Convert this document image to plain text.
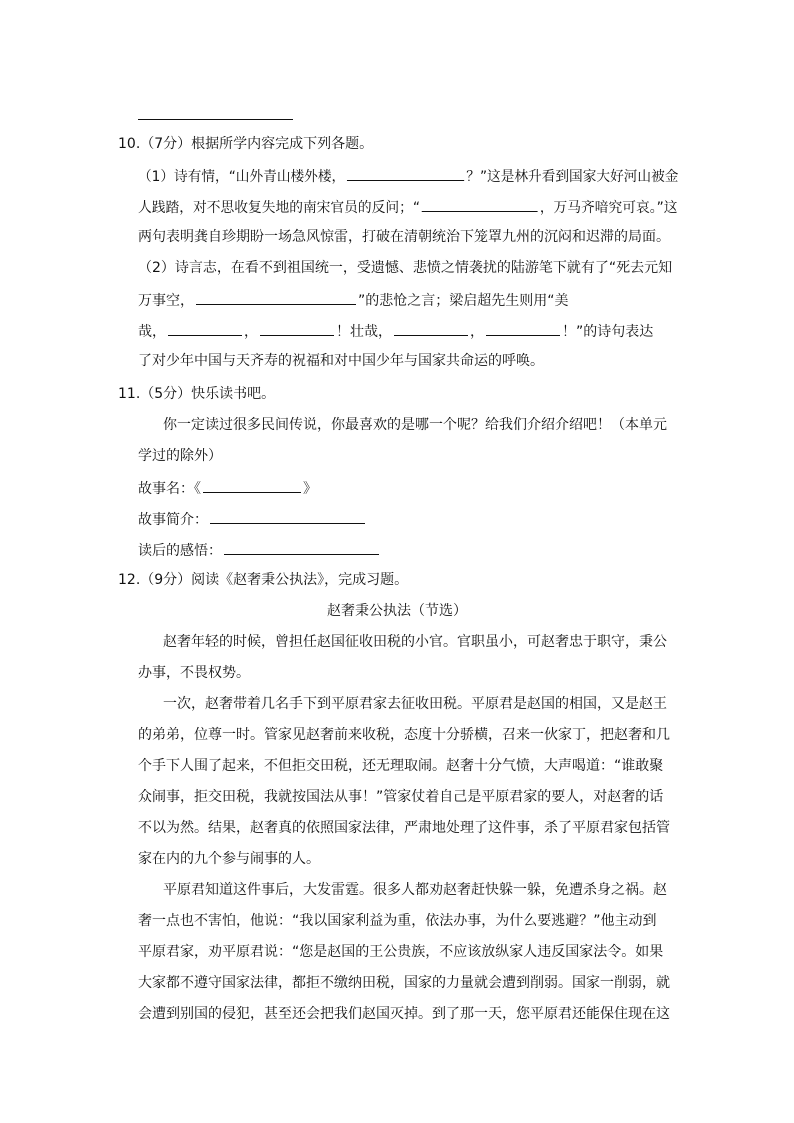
10.（7分）根据所学内容完成下列各题。
（1）诗有情，“山外青山楼外楼，	？”这是林升看到国家大好河山被金
人践踏，对不思收复失地的南宋官员的反问；“	，万马齐喑究可哀。”这
两句表明龚自珍期盼一场急风惊雷，打破在清朝统治下笼罩九州的沉闷和迟滞的局面。
（2）诗言志，在看不到祖国统一，受遗憾、悲愤之情袭扰的陆游笔下就有了“死去元知
万事空，	”的悲怆之言；梁启超先生则用“美
哉，	，	！壮哉，	，	！”的诗句表达
了对少年中国与天齐寿的祝福和对中国少年与国家共命运的呼唤。
11.（5分）快乐读书吧。
你一定读过很多民间传说，你最喜欢的是哪一个呢？给我们介绍介绍吧！（本单元
学过的除外）
故事名：《	》
故事简介：
读后的感悟：
12.（9分）阅读《赵奢秉公执法》，完成习题。
赵奢秉公执法（节选）
赵奢年轻的时候，曾担任赵国征收田税的小官。官职虽小，可赵奢忠于职守，秉公
办事，不畏权势。
一次，赵奢带着几名手下到平原君家去征收田税。平原君是赵国的相国，又是赵王
的弟弟，位尊一时。管家见赵奢前来收税，态度十分骄横，召来一伙家丁，把赵奢和几
个手下人围了起来，不但拒交田税，还无理取闹。赵奢十分气愤，大声喝道：“谁敢聚
众闹事，拒交田税，我就按国法从事！”管家仗着自己是平原君家的要人，对赵奢的话
不以为然。结果，赵奢真的依照国家法律，严肃地处理了这件事，杀了平原君家包括管
家在内的九个参与闹事的人。
平原君知道这件事后，大发雷霆。很多人都劝赵奢赶快躲一躲，免遭杀身之祸。赵
奢一点也不害怕，他说：“我以国家利益为重，依法办事，为什么要逃避？”他主动到
平原君家，劝平原君说：“您是赵国的王公贵族，不应该放纵家人违反国家法令。如果
大家都不遵守国家法律，都拒不缴纳田税，国家的力量就会遭到削弱。国家一削弱，就
会遭到别国的侵犯，甚至还会把我们赵国灭掉。到了那一天，您平原君还能保住现在这
